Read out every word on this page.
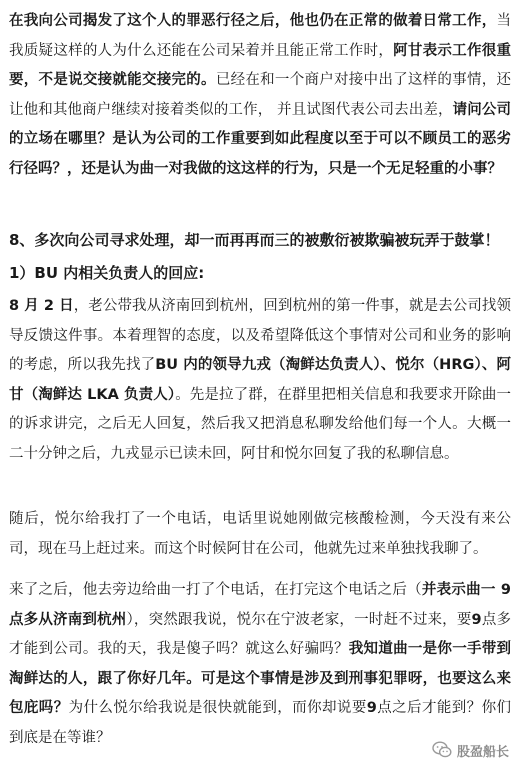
在我向公司揭发了这个人的罪恶行径之后，他也仍在正常的做着日常工作，当我质疑这样的人为什么还能在公司呆着并且能正常工作时，阿甘表示工作很重要，不是说交接就能交接完的。已经在和一个商户对接中出了这样的事情，还让他和其他商户继续对接着类似的工作， 并且试图代表公司去出差，请问公司的立场在哪里？是认为公司的工作重要到如此程度以至于可以不顾员工的恶劣行径吗？，还是认为曲一对我做的这这样的行为，只是一个无足轻重的小事？

8、多次向公司寻求处理，却一而再再而三的被敷衍被欺骗被玩弄于鼓掌！

1）BU 内相关负责人的回应:

8 月 2 日，老公带我从济南回到杭州，回到杭州的第一件事，就是去公司找领导反馈这件事。本着理智的态度，以及希望降低这个事情对公司和业务的影响的考虑，所以我先找了BU 内的领导九戎（淘鲜达负责人）、悦尔（HRG）、阿甘（淘鲜达 LKA 负责人）。先是拉了群，在群里把相关信息和我要求开除曲一的诉求讲完，之后无人回复，然后我又把消息私聊发给他们每一个人。大概一二十分钟之后，九戎显示已读未回，阿甘和悦尔回复了我的私聊信息。

随后，悦尔给我打了一个电话，电话里说她刚做完核酸检测，今天没有来公司，现在马上赶过来。而这个时候阿甘在公司，他就先过来单独找我聊了。

来了之后，他去旁边给曲一打了个电话，在打完这个电话之后（并表示曲一 9 点多从济南到杭州），突然跟我说，悦尔在宁波老家，一时赶不过来，要9点多才能到公司。我的天，我是傻子吗？就这么好骗吗？我知道曲一是你一手带到淘鲜达的人，跟了你好几年。可是这个事情是涉及到刑事犯罪呀，也要这么来包庇吗？为什么悦尔给我说是很快就能到，而你却说要9点之后才能到？你们到底是在等谁？

股盈船长
